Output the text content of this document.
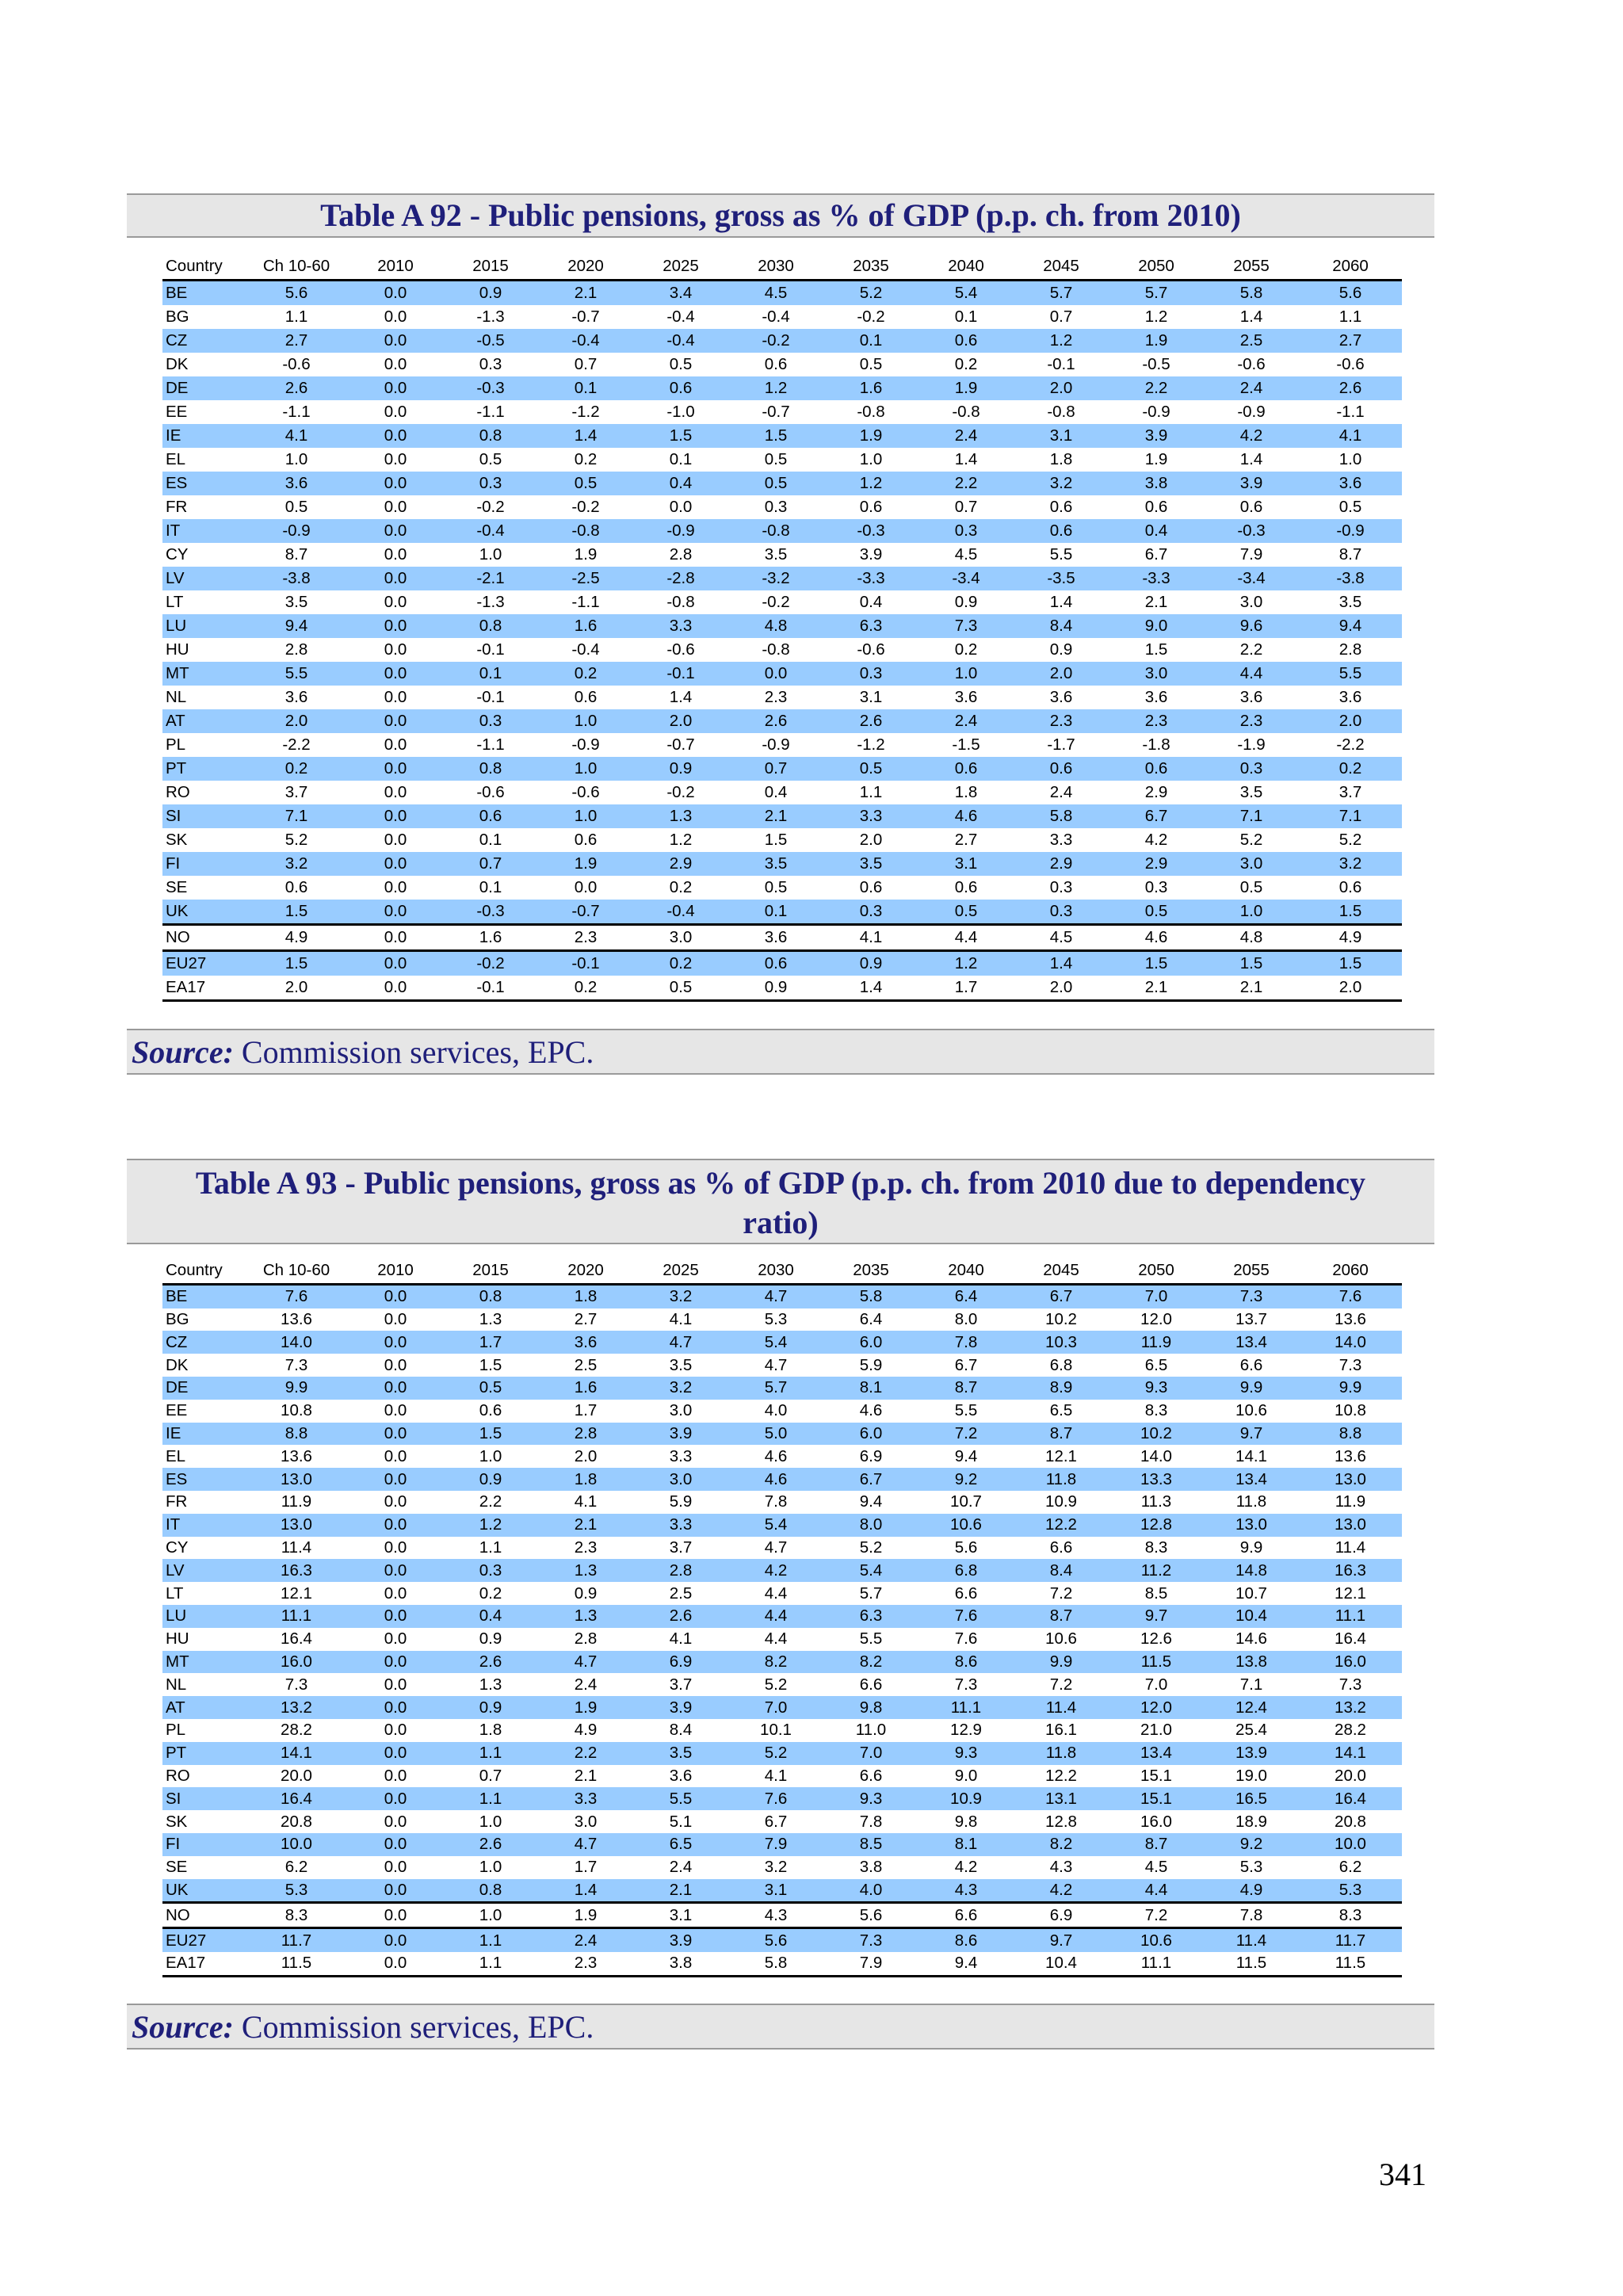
Table A 92 - Public pensions, gross as % of GDP (p.p. ch. from 2010)
Country	Ch 10-60	2010	2015	2020	2025	2030	2035	2040	2045	2050	2055	2060
BE	5.6	0.0	0.9	2.1	3.4	4.5	5.2	5.4	5.7	5.7	5.8	5.6
BG	1.1	0.0	-1.3	-0.7	-0.4	-0.4	-0.2	0.1	0.7	1.2	1.4	1.1
CZ	2.7	0.0	-0.5	-0.4	-0.4	-0.2	0.1	0.6	1.2	1.9	2.5	2.7
DK	-0.6	0.0	0.3	0.7	0.5	0.6	0.5	0.2	-0.1	-0.5	-0.6	-0.6
DE	2.6	0.0	-0.3	0.1	0.6	1.2	1.6	1.9	2.0	2.2	2.4	2.6
EE	-1.1	0.0	-1.1	-1.2	-1.0	-0.7	-0.8	-0.8	-0.8	-0.9	-0.9	-1.1
IE	4.1	0.0	0.8	1.4	1.5	1.5	1.9	2.4	3.1	3.9	4.2	4.1
EL	1.0	0.0	0.5	0.2	0.1	0.5	1.0	1.4	1.8	1.9	1.4	1.0
ES	3.6	0.0	0.3	0.5	0.4	0.5	1.2	2.2	3.2	3.8	3.9	3.6
FR	0.5	0.0	-0.2	-0.2	0.0	0.3	0.6	0.7	0.6	0.6	0.6	0.5
IT	-0.9	0.0	-0.4	-0.8	-0.9	-0.8	-0.3	0.3	0.6	0.4	-0.3	-0.9
CY	8.7	0.0	1.0	1.9	2.8	3.5	3.9	4.5	5.5	6.7	7.9	8.7
LV	-3.8	0.0	-2.1	-2.5	-2.8	-3.2	-3.3	-3.4	-3.5	-3.3	-3.4	-3.8
LT	3.5	0.0	-1.3	-1.1	-0.8	-0.2	0.4	0.9	1.4	2.1	3.0	3.5
LU	9.4	0.0	0.8	1.6	3.3	4.8	6.3	7.3	8.4	9.0	9.6	9.4
HU	2.8	0.0	-0.1	-0.4	-0.6	-0.8	-0.6	0.2	0.9	1.5	2.2	2.8
MT	5.5	0.0	0.1	0.2	-0.1	0.0	0.3	1.0	2.0	3.0	4.4	5.5
NL	3.6	0.0	-0.1	0.6	1.4	2.3	3.1	3.6	3.6	3.6	3.6	3.6
AT	2.0	0.0	0.3	1.0	2.0	2.6	2.6	2.4	2.3	2.3	2.3	2.0
PL	-2.2	0.0	-1.1	-0.9	-0.7	-0.9	-1.2	-1.5	-1.7	-1.8	-1.9	-2.2
PT	0.2	0.0	0.8	1.0	0.9	0.7	0.5	0.6	0.6	0.6	0.3	0.2
RO	3.7	0.0	-0.6	-0.6	-0.2	0.4	1.1	1.8	2.4	2.9	3.5	3.7
SI	7.1	0.0	0.6	1.0	1.3	2.1	3.3	4.6	5.8	6.7	7.1	7.1
SK	5.2	0.0	0.1	0.6	1.2	1.5	2.0	2.7	3.3	4.2	5.2	5.2
FI	3.2	0.0	0.7	1.9	2.9	3.5	3.5	3.1	2.9	2.9	3.0	3.2
SE	0.6	0.0	0.1	0.0	0.2	0.5	0.6	0.6	0.3	0.3	0.5	0.6
UK	1.5	0.0	-0.3	-0.7	-0.4	0.1	0.3	0.5	0.3	0.5	1.0	1.5
NO	4.9	0.0	1.6	2.3	3.0	3.6	4.1	4.4	4.5	4.6	4.8	4.9
EU27	1.5	0.0	-0.2	-0.1	0.2	0.6	0.9	1.2	1.4	1.5	1.5	1.5
EA17	2.0	0.0	-0.1	0.2	0.5	0.9	1.4	1.7	2.0	2.1	2.1	2.0
Source: Commission services, EPC.
Table A 93 - Public pensions, gross as % of GDP (p.p. ch. from 2010 due to dependency
ratio)
Country	Ch 10-60	2010	2015	2020	2025	2030	2035	2040	2045	2050	2055	2060
BE	7.6	0.0	0.8	1.8	3.2	4.7	5.8	6.4	6.7	7.0	7.3	7.6
BG	13.6	0.0	1.3	2.7	4.1	5.3	6.4	8.0	10.2	12.0	13.7	13.6
CZ	14.0	0.0	1.7	3.6	4.7	5.4	6.0	7.8	10.3	11.9	13.4	14.0
DK	7.3	0.0	1.5	2.5	3.5	4.7	5.9	6.7	6.8	6.5	6.6	7.3
DE	9.9	0.0	0.5	1.6	3.2	5.7	8.1	8.7	8.9	9.3	9.9	9.9
EE	10.8	0.0	0.6	1.7	3.0	4.0	4.6	5.5	6.5	8.3	10.6	10.8
IE	8.8	0.0	1.5	2.8	3.9	5.0	6.0	7.2	8.7	10.2	9.7	8.8
EL	13.6	0.0	1.0	2.0	3.3	4.6	6.9	9.4	12.1	14.0	14.1	13.6
ES	13.0	0.0	0.9	1.8	3.0	4.6	6.7	9.2	11.8	13.3	13.4	13.0
FR	11.9	0.0	2.2	4.1	5.9	7.8	9.4	10.7	10.9	11.3	11.8	11.9
IT	13.0	0.0	1.2	2.1	3.3	5.4	8.0	10.6	12.2	12.8	13.0	13.0
CY	11.4	0.0	1.1	2.3	3.7	4.7	5.2	5.6	6.6	8.3	9.9	11.4
LV	16.3	0.0	0.3	1.3	2.8	4.2	5.4	6.8	8.4	11.2	14.8	16.3
LT	12.1	0.0	0.2	0.9	2.5	4.4	5.7	6.6	7.2	8.5	10.7	12.1
LU	11.1	0.0	0.4	1.3	2.6	4.4	6.3	7.6	8.7	9.7	10.4	11.1
HU	16.4	0.0	0.9	2.8	4.1	4.4	5.5	7.6	10.6	12.6	14.6	16.4
MT	16.0	0.0	2.6	4.7	6.9	8.2	8.2	8.6	9.9	11.5	13.8	16.0
NL	7.3	0.0	1.3	2.4	3.7	5.2	6.6	7.3	7.2	7.0	7.1	7.3
AT	13.2	0.0	0.9	1.9	3.9	7.0	9.8	11.1	11.4	12.0	12.4	13.2
PL	28.2	0.0	1.8	4.9	8.4	10.1	11.0	12.9	16.1	21.0	25.4	28.2
PT	14.1	0.0	1.1	2.2	3.5	5.2	7.0	9.3	11.8	13.4	13.9	14.1
RO	20.0	0.0	0.7	2.1	3.6	4.1	6.6	9.0	12.2	15.1	19.0	20.0
SI	16.4	0.0	1.1	3.3	5.5	7.6	9.3	10.9	13.1	15.1	16.5	16.4
SK	20.8	0.0	1.0	3.0	5.1	6.7	7.8	9.8	12.8	16.0	18.9	20.8
FI	10.0	0.0	2.6	4.7	6.5	7.9	8.5	8.1	8.2	8.7	9.2	10.0
SE	6.2	0.0	1.0	1.7	2.4	3.2	3.8	4.2	4.3	4.5	5.3	6.2
UK	5.3	0.0	0.8	1.4	2.1	3.1	4.0	4.3	4.2	4.4	4.9	5.3
NO	8.3	0.0	1.0	1.9	3.1	4.3	5.6	6.6	6.9	7.2	7.8	8.3
EU27	11.7	0.0	1.1	2.4	3.9	5.6	7.3	8.6	9.7	10.6	11.4	11.7
EA17	11.5	0.0	1.1	2.3	3.8	5.8	7.9	9.4	10.4	11.1	11.5	11.5
Source: Commission services, EPC.
341
